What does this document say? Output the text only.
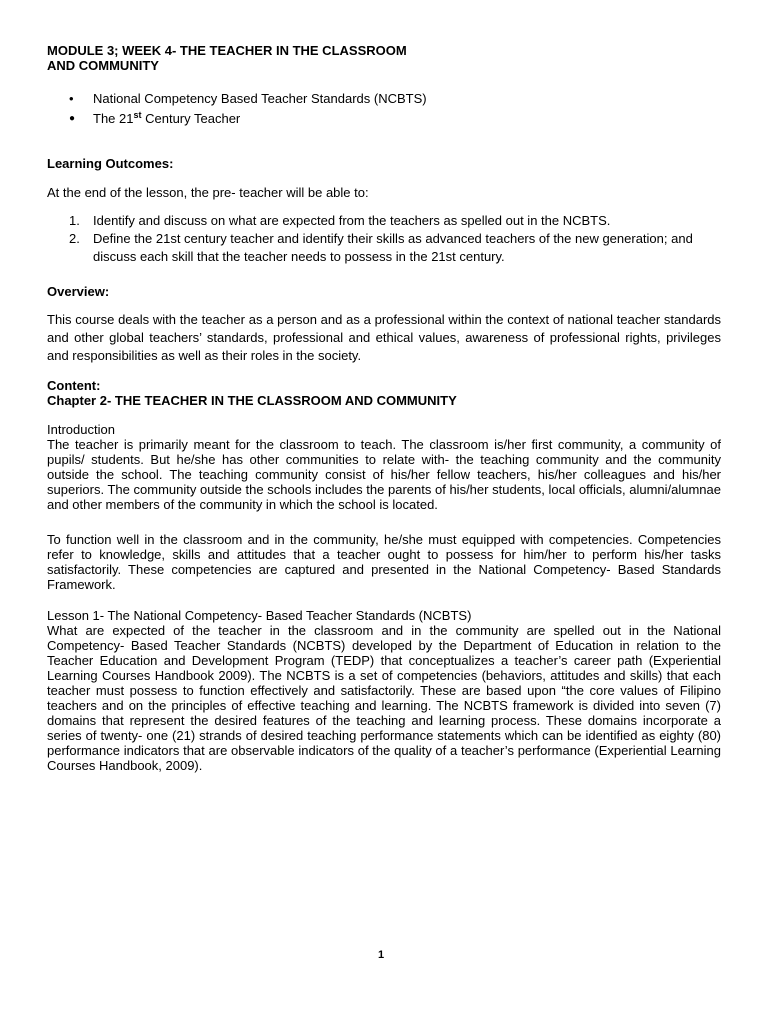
MODULE 3; WEEK 4- THE TEACHER IN THE CLASSROOM
AND COMMUNITY
• National Competency Based Teacher Standards (NCBTS)
● The 21st Century Teacher
Learning Outcomes:
At the end of the lesson, the pre- teacher will be able to:
1. Identify and discuss on what are expected from the teachers as spelled out in the NCBTS.
2. Define the 21st century teacher and identify their skills as advanced teachers of the new generation; and discuss each skill that the teacher needs to possess in the 21st century.
Overview:
This course deals with the teacher as a person and as a professional within the context of national teacher standards and other global teachers’ standards, professional and ethical values, awareness of professional rights, privileges and responsibilities as well as their roles in the society.
Content:
Chapter 2- THE TEACHER IN THE CLASSROOM AND COMMUNITY
Introduction
The teacher is primarily meant for the classroom to teach. The classroom is/her first community, a community of pupils/ students. But he/she has other communities to relate with- the teaching community and the community outside the school. The teaching community consist of his/her fellow teachers, his/her colleagues and his/her superiors. The community outside the schools includes the parents of his/her students, local officials, alumni/alumnae and other members of the community in which the school is located.
To function well in the classroom and in the community, he/she must equipped with competencies. Competencies refer to knowledge, skills and attitudes that a teacher ought to possess for him/her to perform his/her tasks satisfactorily. These competencies are captured and presented in the National Competency- Based Standards Framework.
Lesson 1- The National Competency- Based Teacher Standards (NCBTS)
What are expected of the teacher in the classroom and in the community are spelled out in the National Competency- Based Teacher Standards (NCBTS) developed by the Department of Education in relation to the Teacher Education and Development Program (TEDP) that conceptualizes a teacher’s career path (Experiential Learning Courses Handbook 2009). The NCBTS is a set of competencies (behaviors, attitudes and skills) that each teacher must possess to function effectively and satisfactorily. These are based upon “the core values of Filipino teachers and on the principles of effective teaching and learning. The NCBTS framework is divided into seven (7) domains that represent the desired features of the teaching and learning process. These domains incorporate a series of twenty- one (21) strands of desired teaching performance statements which can be identified as eighty (80) performance indicators that are observable indicators of the quality of a teacher’s performance (Experiential Learning Courses Handbook, 2009).
1
